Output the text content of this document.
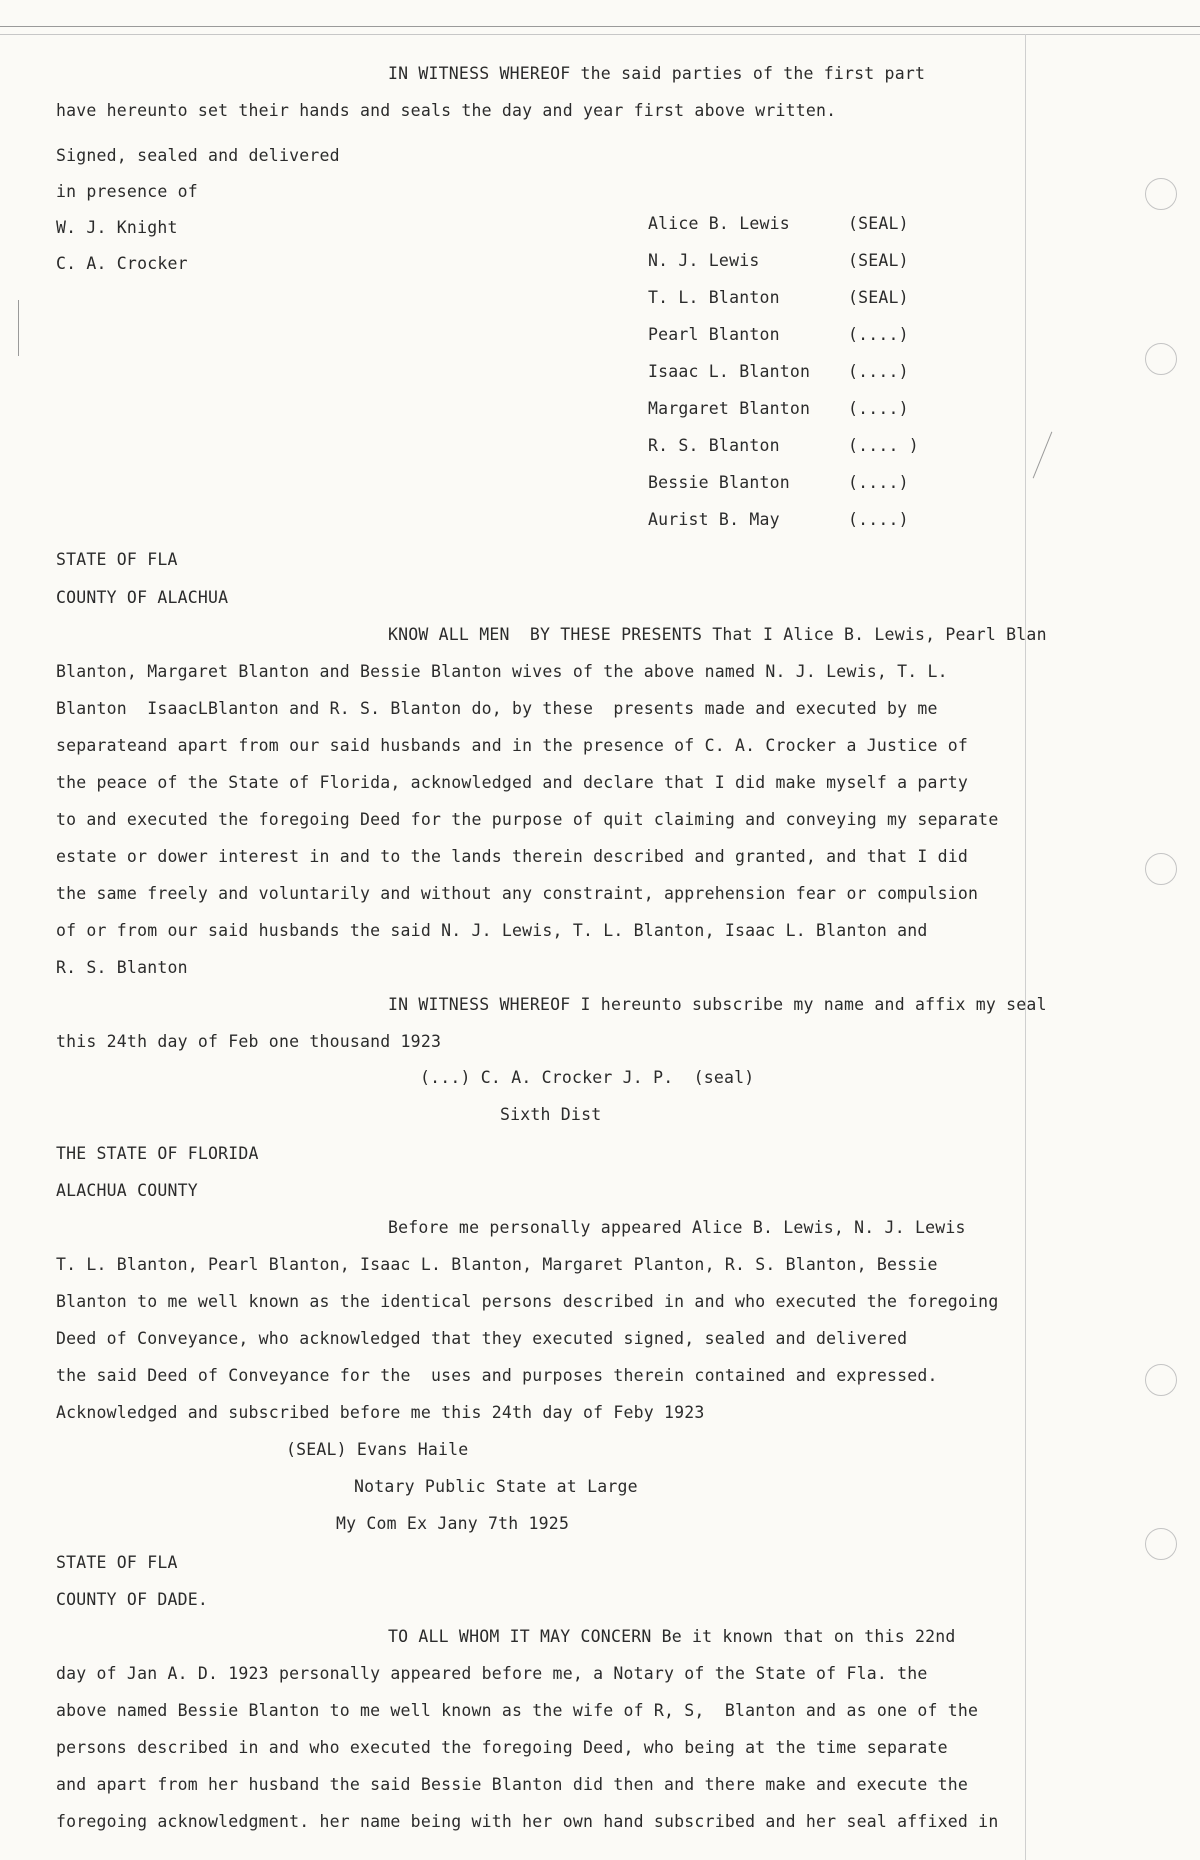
IN WITNESS WHEREOF the said parties of the first part
have hereunto set their hands and seals the day and year first above written.
Signed, sealed and delivered
in presence of
W. J. Knight
C. A. Crocker
Alice B. Lewis	(SEAL)
N. J. Lewis	(SEAL)
T. L. Blanton	(SEAL)
Pearl Blanton	(....)
Isaac L. Blanton (....)
Margaret Blanton (....)
R. S. Blanton	(.... )
Bessie Blanton	(....)
Aurist B. May	(....)
STATE OF FLA
COUNTY OF ALACHUA
KNOW ALL MEN  BY THESE PRESENTS That I Alice B. Lewis, Pearl Blan
Blanton, Margaret Blanton and Bessie Blanton wives of the above named N. J. Lewis, T. L.
Blanton  IsaacLBlanton and R. S. Blanton do, by these  presents made and executed by me
separateand apart from our said husbands and in the presence of C. A. Crocker a Justice of
the peace of the State of Florida, acknowledged and declare that I did make myself a party
to and executed the foregoing Deed for the purpose of quit claiming and conveying my separate
estate or dower interest in and to the lands therein described and granted, and that I did
the same freely and voluntarily and without any constraint, apprehension fear or compulsion
of or from our said husbands the said N. J. Lewis, T. L. Blanton, Isaac L. Blanton and
R. S. Blanton
IN WITNESS WHEREOF I hereunto subscribe my name and affix my seal
this 24th day of Feb one thousand 1923
(...) C. A. Crocker J. P.  (seal)
Sixth Dist
THE STATE OF FLORIDA
ALACHUA COUNTY
Before me personally appeared Alice B. Lewis, N. J. Lewis
T. L. Blanton, Pearl Blanton, Isaac L. Blanton, Margaret Planton, R. S. Blanton, Bessie
Blanton to me well known as the identical persons described in and who executed the foregoing
Deed of Conveyance, who acknowledged that they executed signed, sealed and delivered
the said Deed of Conveyance for the  uses and purposes therein contained and expressed.
Acknowledged and subscribed before me this 24th day of Feby 1923
(SEAL) Evans Haile
Notary Public State at Large
My Com Ex Jany 7th 1925
STATE OF FLA
COUNTY OF DADE.
TO ALL WHOM IT MAY CONCERN Be it known that on this 22nd
day of Jan A. D. 1923 personally appeared before me, a Notary of the State of Fla. the
above named Bessie Blanton to me well known as the wife of R, S,  Blanton and as one of the
persons described in and who executed the foregoing Deed, who being at the time separate
and apart from her husband the said Bessie Blanton did then and there make and execute the
foregoing acknowledgment. her name being with her own hand subscribed and her seal affixed in
